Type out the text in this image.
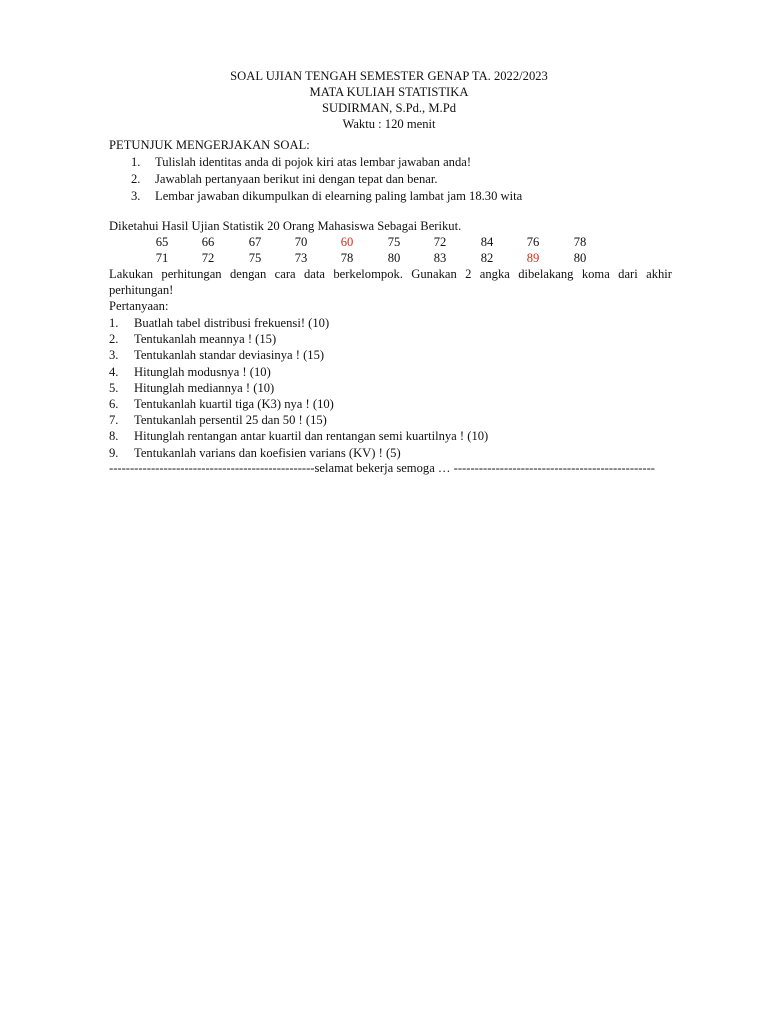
SOAL UJIAN TENGAH SEMESTER GENAP TA. 2022/2023
MATA KULIAH STATISTIKA
SUDIRMAN, S.Pd., M.Pd
Waktu : 120 menit
PETUNJUK MENGERJAKAN SOAL:
1. Tulislah identitas anda di pojok kiri atas lembar jawaban anda!
2. Jawablah pertanyaan berikut ini dengan tepat dan benar.
3. Lembar jawaban dikumpulkan di elearning paling lambat jam 18.30 wita
Diketahui Hasil Ujian Statistik 20 Orang Mahasiswa Sebagai Berikut.
65	66	67	70	60	75	72	84	76	78
71	72	75	73	78	80	83	82	89	80
Lakukan perhitungan dengan cara data berkelompok. Gunakan 2 angka dibelakang koma dari akhir perhitungan!
Pertanyaan:
1. Buatlah tabel distribusi frekuensi! (10)
2. Tentukanlah meannya ! (15)
3. Tentukanlah standar deviasinya ! (15)
4. Hitunglah modusnya ! (10)
5. Hitunglah mediannya ! (10)
6. Tentukanlah kuartil tiga (K3) nya ! (10)
7. Tentukanlah persentil 25 dan 50 ! (15)
8. Hitunglah rentangan antar kuartil dan rentangan semi kuartilnya ! (10)
9. Tentukanlah varians dan koefisien varians (KV) ! (5)
-------------------------------------------------selamat bekerja semoga … ------------------------------------------------
